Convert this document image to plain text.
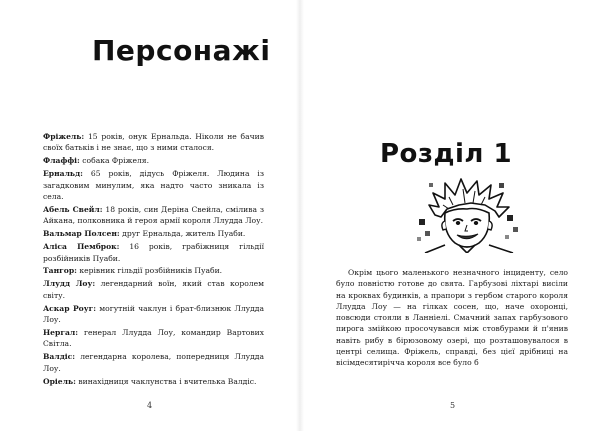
Персонажі

Фріжель: 15 років, онук Ернальда. Ніколи не бачив своїх батьків і не знає, що з ними сталося.

Флаффі: собака Фріжеля.

Ернальд: 65 років, дідусь Фріжеля. Людина із загадковим минулим, яка надто часто зникала із села.

Абель Свейл: 18 років, син Деріна Свейла, смілива з Айкана, полковника й героя армії короля Ллудда Лоу.

Вальмар Полсен: друг Ернальда, житель Пуаби.

Аліса Пемброк: 16 років, грабіжниця гільдії розбійників Пуаби.

Тангор: керівник гільдії розбійників Пуаби.

Ллудд Лоу: легендарний воїн, який став королем світу.

Аскар Роуг: могутній чаклун і брат-близнюк Ллудда Лоу.

Нергал: генерал Ллудда Лоу, командир Вартових Світла.

Валдіс: легендарна королева, попередниця Ллудда Лоу.

Оріель: винахідниця чаклунства і вчителька Валдіс.

4
Розділ 1

Окрім цього маленького незначного інциденту, село було повністю готове до свята. Гарбузові ліхтарі висіли на кроквах будинків, а прапори з гербом старого короля Ллудда Лоу — на гілках сосен, що, наче охоронці, повсюди стояли в Ланніелі. Смачний запах гарбузового пирога змійкою просочувався між стовбурами й п'янив навіть рибу в бірюзовому озері, що розташовувалося в центрі селища. Фріжель, справді, без цієї дрібниці на вісімдесятирічча короля все було б

5
